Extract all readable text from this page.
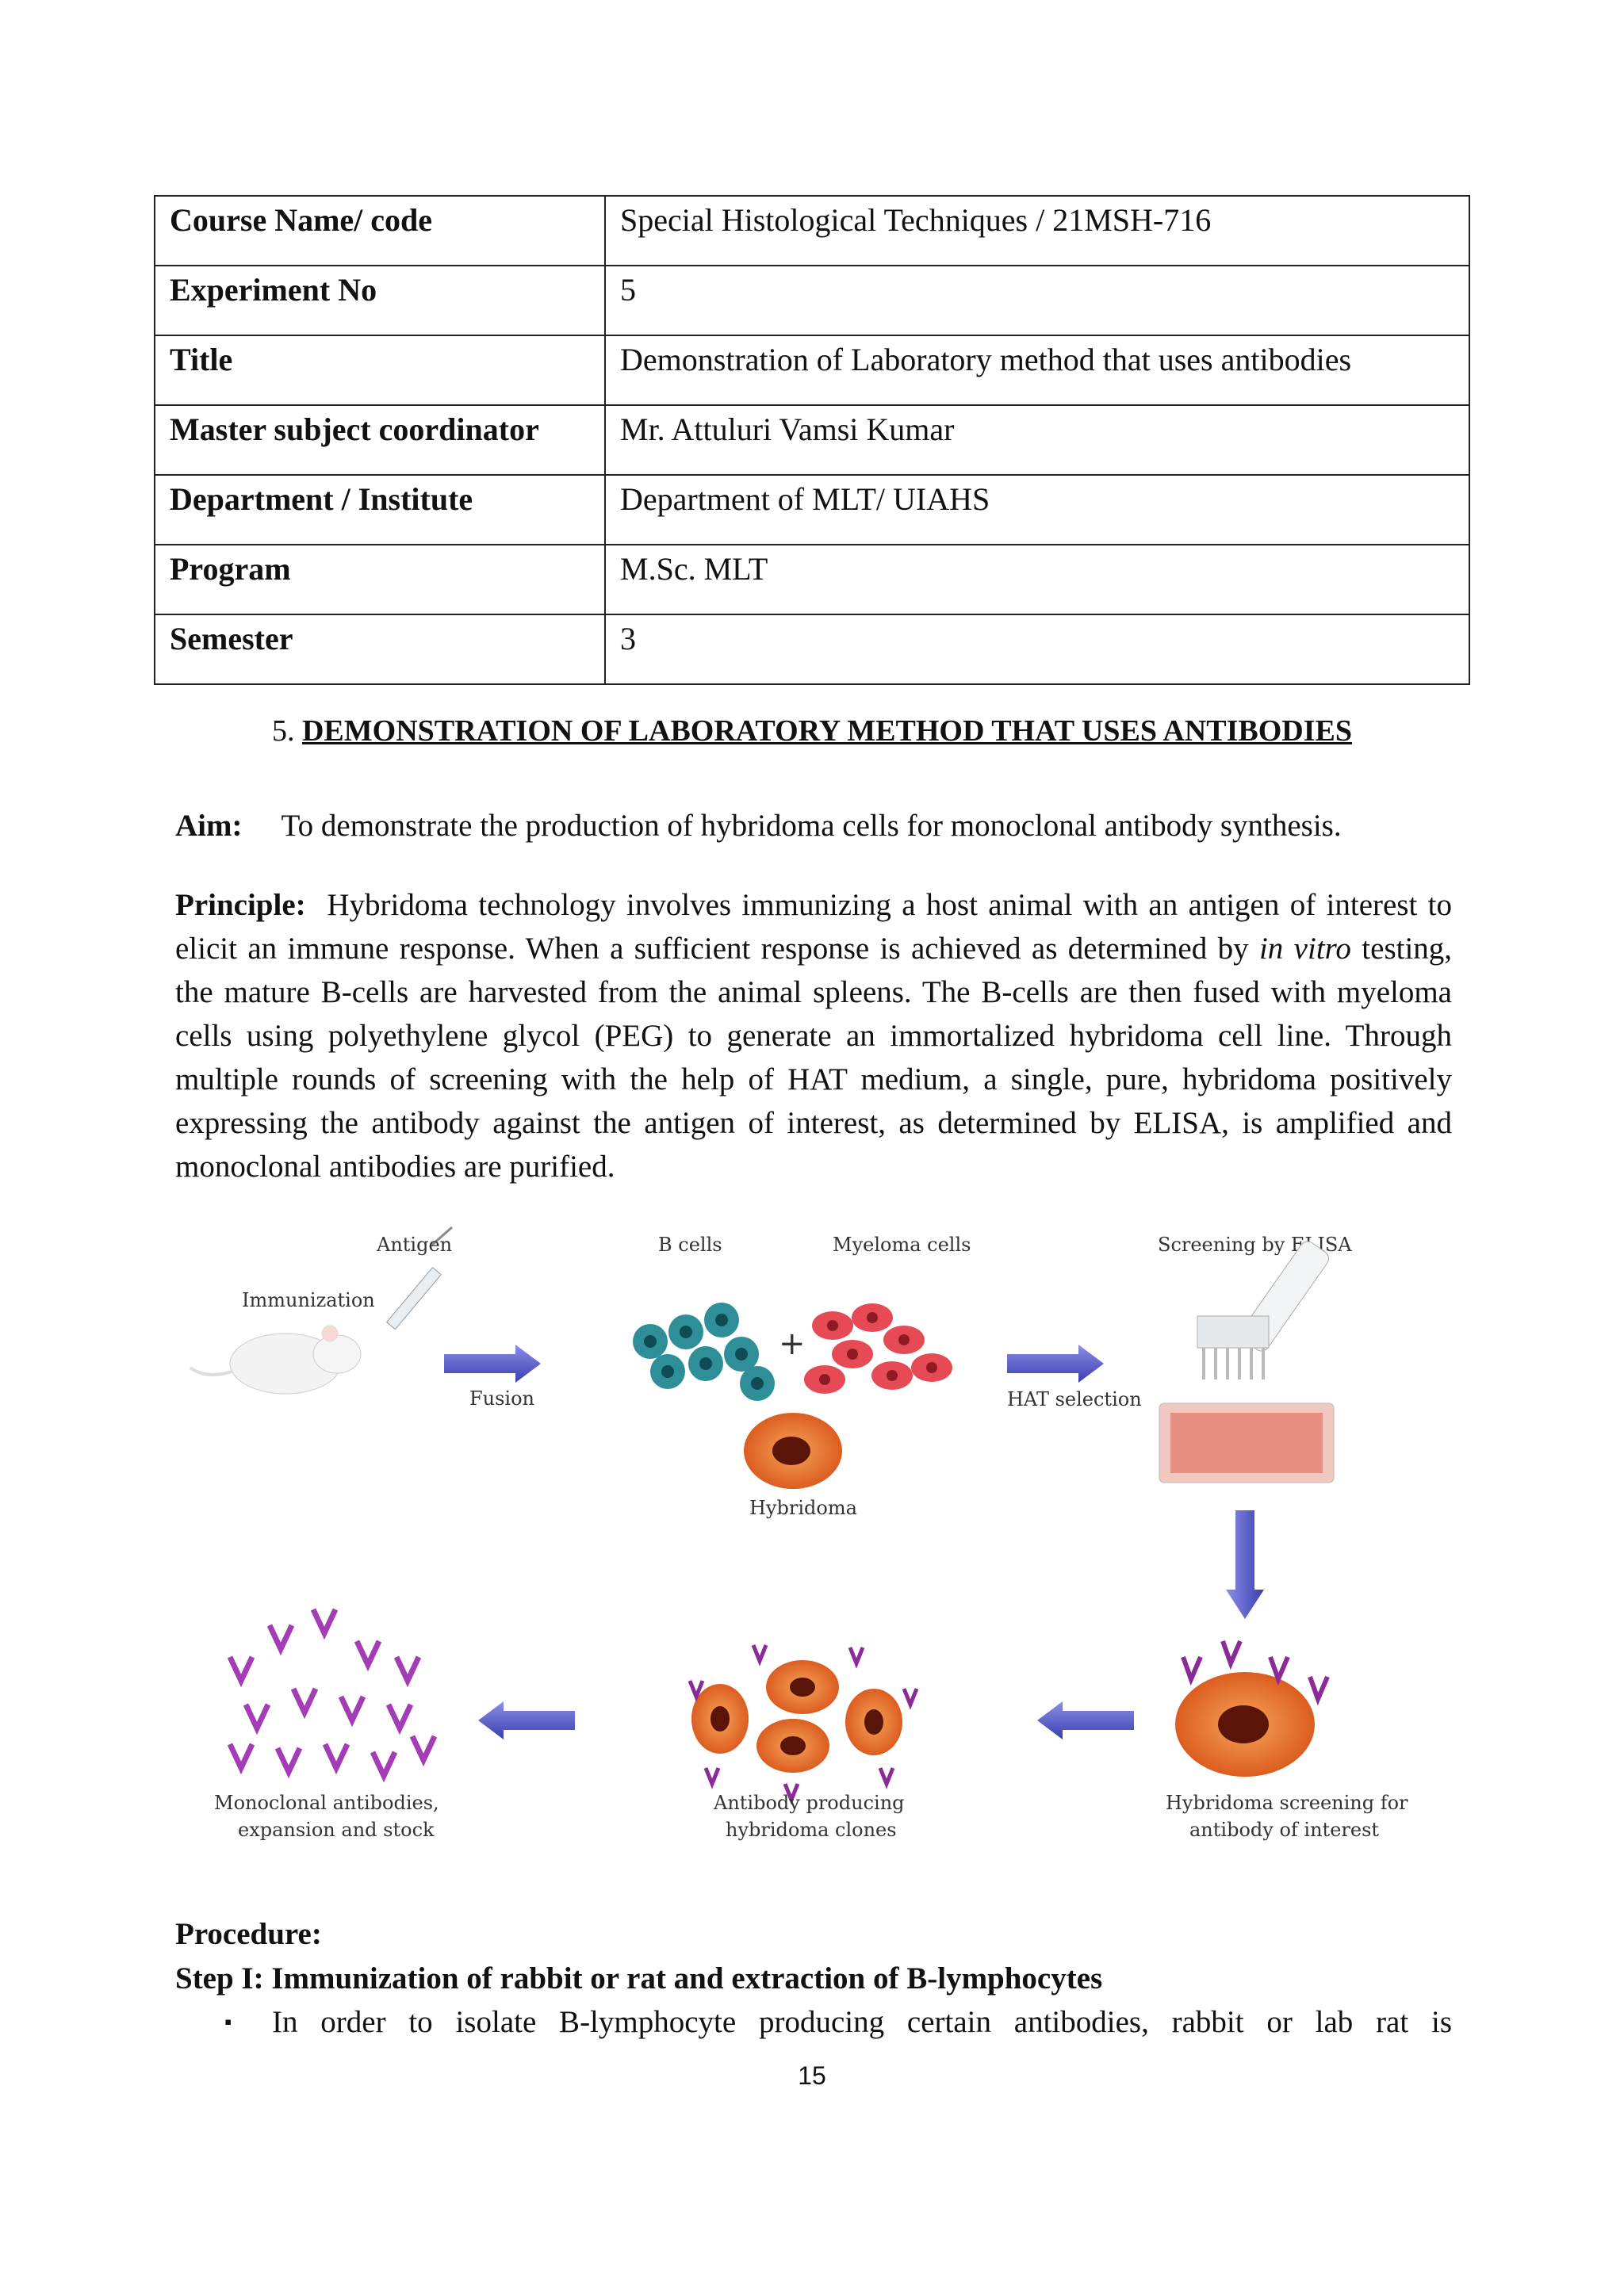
Course Name/ code	Special Histological Techniques / 21MSH-716
Experiment No	5
Title	Demonstration of Laboratory method that uses antibodies
Master subject coordinator	Mr. Attuluri Vamsi Kumar
Department / Institute	Department of MLT/ UIAHS
Program	M.Sc. MLT
Semester	3
5. DEMONSTRATION OF LABORATORY METHOD THAT USES ANTIBODIES
Aim: To demonstrate the production of hybridoma cells for monoclonal antibody synthesis.
Principle: Hybridoma technology involves immunizing a host animal with an antigen of interest to elicit an immune response. When a sufficient response is achieved as determined by in vitro testing, the mature B-cells are harvested from the animal spleens. The B-cells are then fused with myeloma cells using polyethylene glycol (PEG) to generate an immortalized hybridoma cell line. Through multiple rounds of screening with the help of HAT medium, a single, pure, hybridoma positively expressing the antibody against the antigen of interest, as determined by ELISA, is amplified and monoclonal antibodies are purified.
Antigen
Immunization
Fusion
B cells
+
Myeloma cells
Hybridoma
HAT selection
Screening by ELISA
Hybridoma screening for
antibody of interest
Antibody producing
hybridoma clones
Monoclonal antibodies,
expansion and stock
Procedure:
Step I: Immunization of rabbit or rat and extraction of B-lymphocytes
▪ In order to isolate B-lymphocyte producing certain antibodies, rabbit or lab rat is
15
